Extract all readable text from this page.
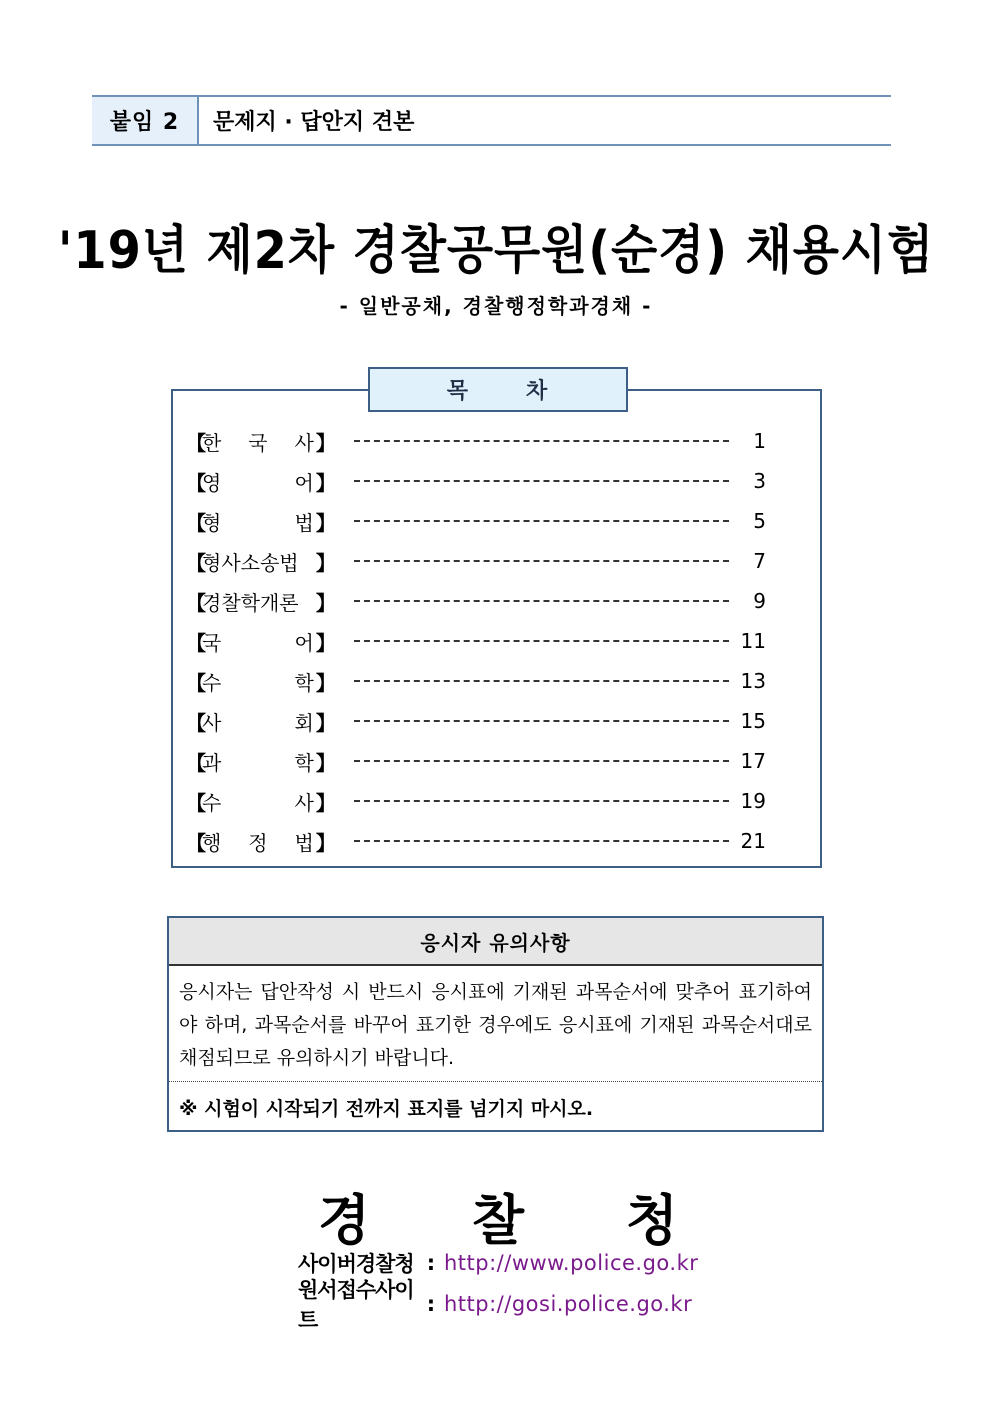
붙임 2	문제지 · 답안지 견본
'19년 제2차 경찰공무원(순경) 채용시험
- 일반공채, 경찰행정학과경채 -
목	차
【
한 국 사 】	1
【
영	어 】	3
【
형	법 】	5
【
형사소송법 】	7
【
경찰학개론 】	9
【
국	어 】	11
【
수	학 】	13
【
사	회 】	15
【
과	학 】	17
【
수	사 】	19
【
행 정 법 】	21
응시자 유의사항
응시자는 답안작성 시 반드시 응시표에 기재된 과목순서에 맞추어 표기하여야 하며, 과목순서를 바꾸어 표기한 경우에도 응시표에 기재된 과목순서대로 채점되므로 유의하시기 바랍니다.
※ 시험이 시작되기 전까지 표지를 넘기지 마시오.
경 찰 청
사이버경찰청 : http://www.police.go.kr
원서접수사이트
: http://gosi.police.go.kr
